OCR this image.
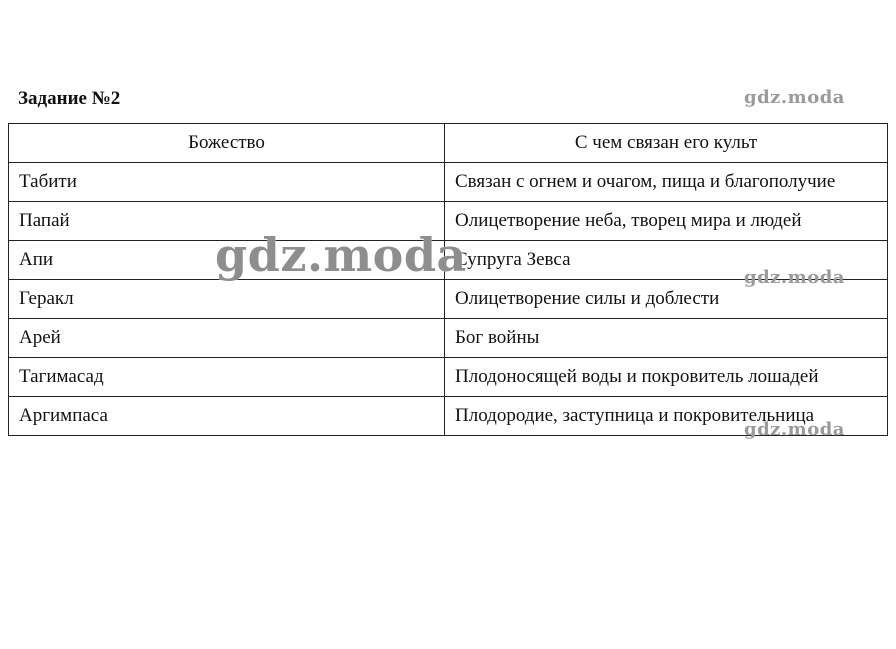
Задание №2
Божество	С чем связан его культ
Табити	Связан с огнем и очагом, пища и благополучие
Папай	Олицетворение неба, творец мира и людей
Апи	Супруга Зевса
Геракл	Олицетворение силы и доблести
Арей	Бог войны
Тагимасад	Плодоносящей воды и покровитель лошадей
Аргимпаса	Плодородие, заступница и покровительница
gdz.moda
gdz.moda
gdz.moda
gdz.moda
